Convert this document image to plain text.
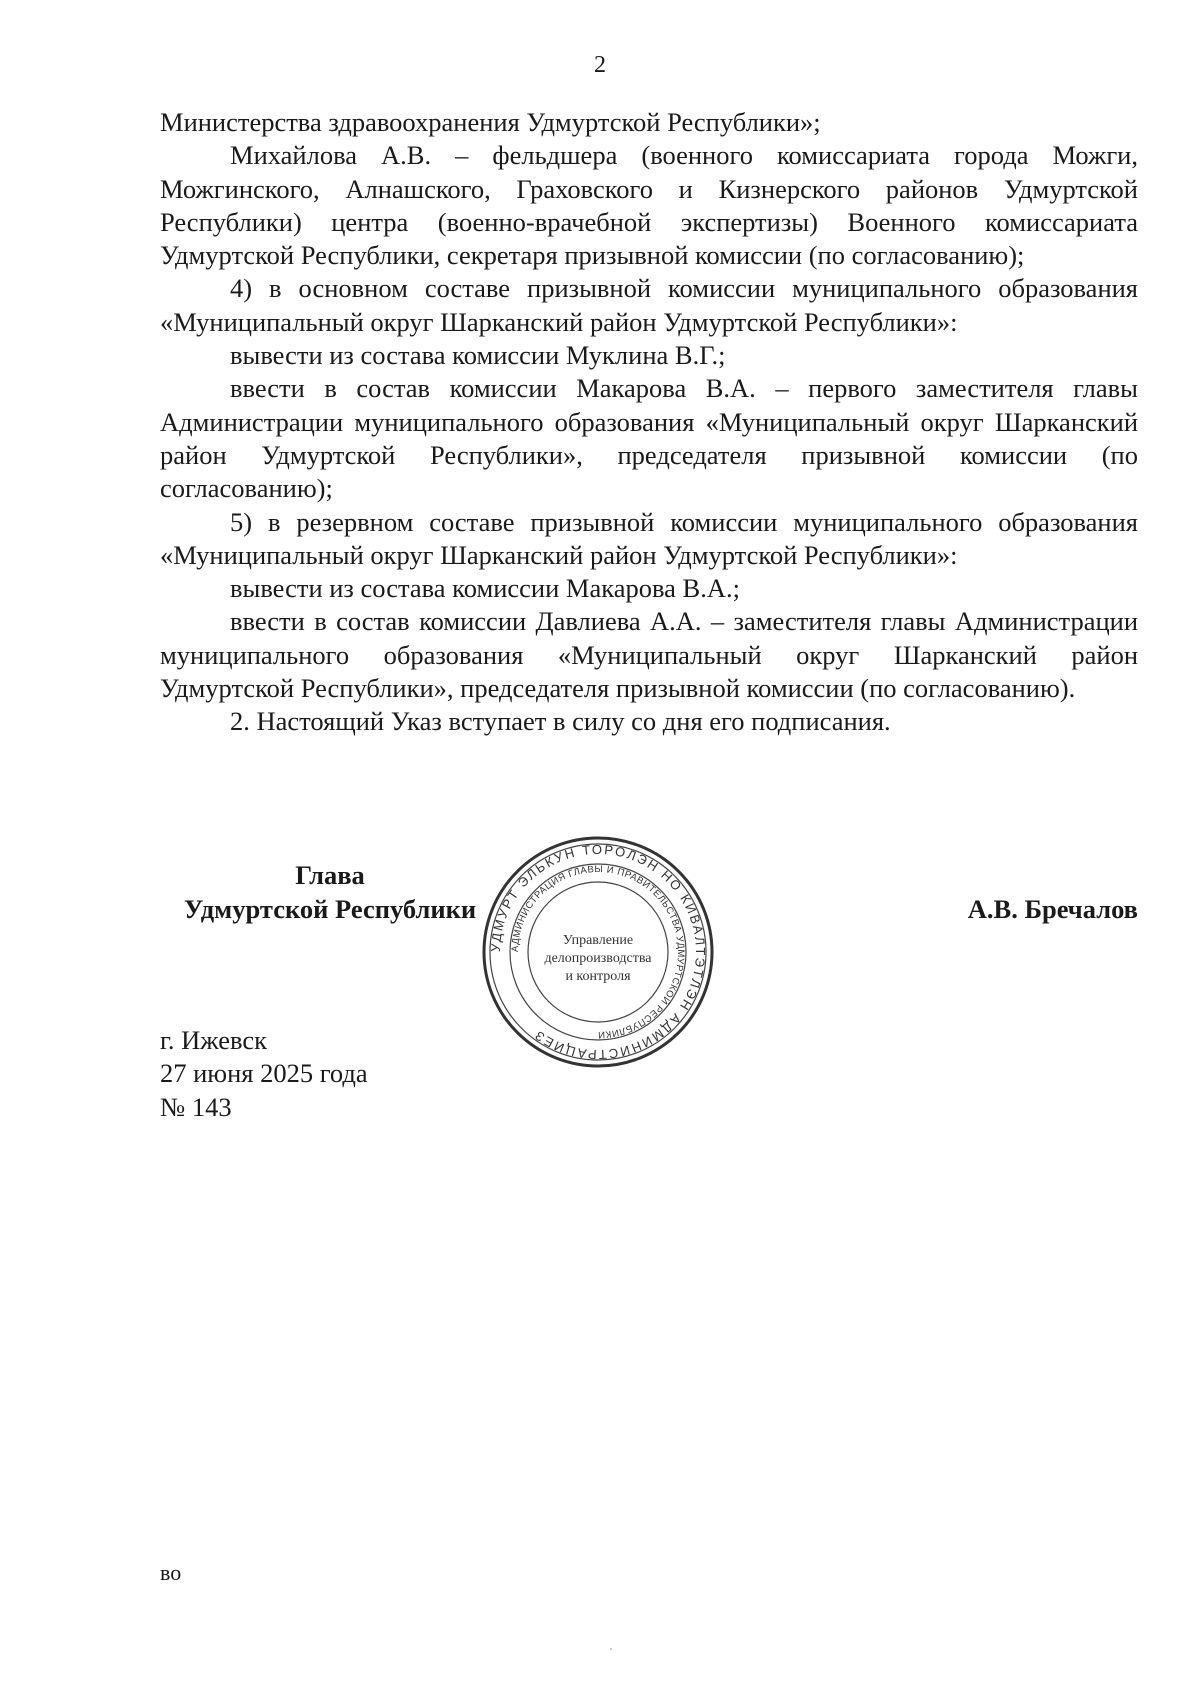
2

Министерства здравоохранения Удмуртской Республики»;

Михайлова А.В. – фельдшера (военного комиссариата города Можги, Можгинского, Алнашского, Граховского и Кизнерского районов Удмуртской Республики) центра (военно-врачебной экспертизы) Военного комиссариата Удмуртской Республики, секретаря призывной комиссии (по согласованию);

4) в основном составе призывной комиссии муниципального образования «Муниципальный округ Шарканский район Удмуртской Республики»:

вывести из состава комиссии Муклина В.Г.;

ввести в состав комиссии Макарова В.А. – первого заместителя главы Администрации муниципального образования «Муниципальный округ Шарканский район Удмуртской Республики», председателя призывной комиссии (по согласованию);

5) в резервном составе призывной комиссии муниципального образования «Муниципальный округ Шарканский район Удмуртской Республики»:

вывести из состава комиссии Макарова В.А.;

ввести в состав комиссии Давлиева А.А. – заместителя главы Администрации муниципального образования «Муниципальный округ Шарканский район Удмуртской Республики», председателя призывной комиссии (по согласованию).

2. Настоящий Указ вступает в силу со дня его подписания.

Глава
Удмуртской Республики	А.В. Бречалов
УДМУРТ ЭЛЬКУН ТОРОЛЭН НО КИВАЛТЭТЛЭН АДМИНИСТРАЦИЕЗ
АДМИНИСТРАЦИЯ ГЛАВЫ И ПРАВИТЕЛЬСТВА УДМУРТСКОЙ РЕСПУБЛИКИ
Управление
делопроизводства
и контроля
г. Ижевск
27 июня 2025 года
№ 143
во
